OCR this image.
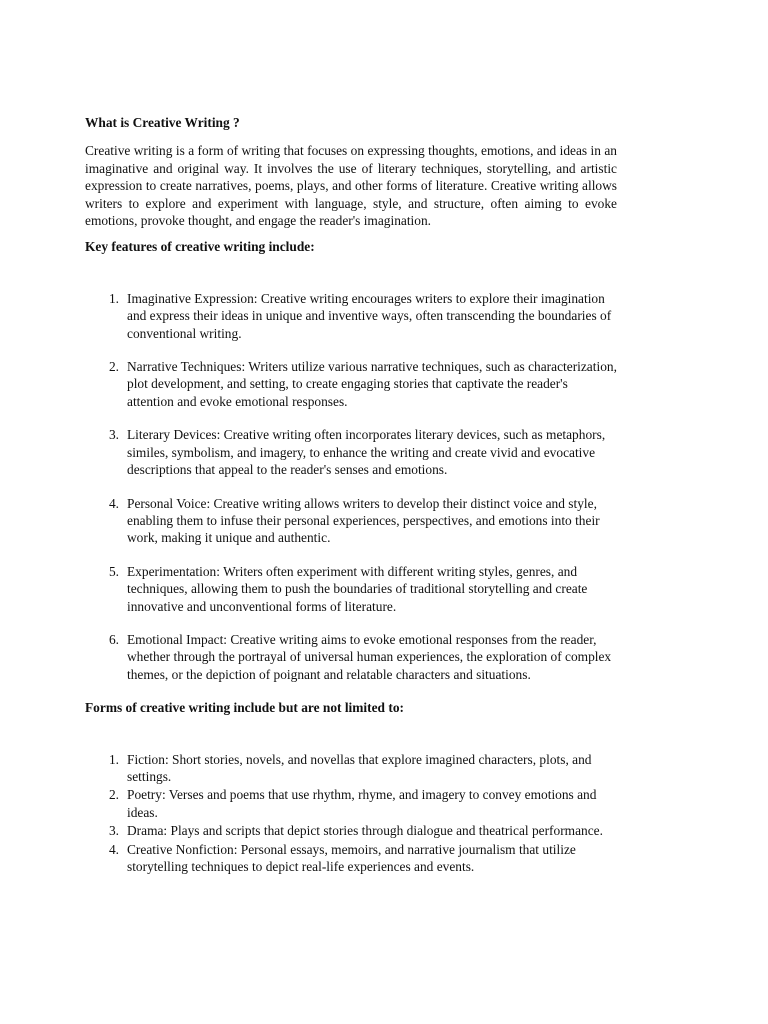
What is Creative Writing ?

Creative writing is a form of writing that focuses on expressing thoughts, emotions, and ideas in an imaginative and original way. It involves the use of literary techniques, storytelling, and artistic expression to create narratives, poems, plays, and other forms of literature. Creative writing allows writers to explore and experiment with language, style, and structure, often aiming to evoke emotions, provoke thought, and engage the reader's imagination.

Key features of creative writing include:

1. Imaginative Expression: Creative writing encourages writers to explore their imagination and express their ideas in unique and inventive ways, often transcending the boundaries of conventional writing.
2. Narrative Techniques: Writers utilize various narrative techniques, such as characterization, plot development, and setting, to create engaging stories that captivate the reader's attention and evoke emotional responses.
3. Literary Devices: Creative writing often incorporates literary devices, such as metaphors, similes, symbolism, and imagery, to enhance the writing and create vivid and evocative descriptions that appeal to the reader's senses and emotions.
4. Personal Voice: Creative writing allows writers to develop their distinct voice and style, enabling them to infuse their personal experiences, perspectives, and emotions into their work, making it unique and authentic.
5. Experimentation: Writers often experiment with different writing styles, genres, and techniques, allowing them to push the boundaries of traditional storytelling and create innovative and unconventional forms of literature.
6. Emotional Impact: Creative writing aims to evoke emotional responses from the reader, whether through the portrayal of universal human experiences, the exploration of complex themes, or the depiction of poignant and relatable characters and situations.

Forms of creative writing include but are not limited to:

1. Fiction: Short stories, novels, and novellas that explore imagined characters, plots, and settings.
2. Poetry: Verses and poems that use rhythm, rhyme, and imagery to convey emotions and ideas.
3. Drama: Plays and scripts that depict stories through dialogue and theatrical performance.
4. Creative Nonfiction: Personal essays, memoirs, and narrative journalism that utilize storytelling techniques to depict real-life experiences and events.
